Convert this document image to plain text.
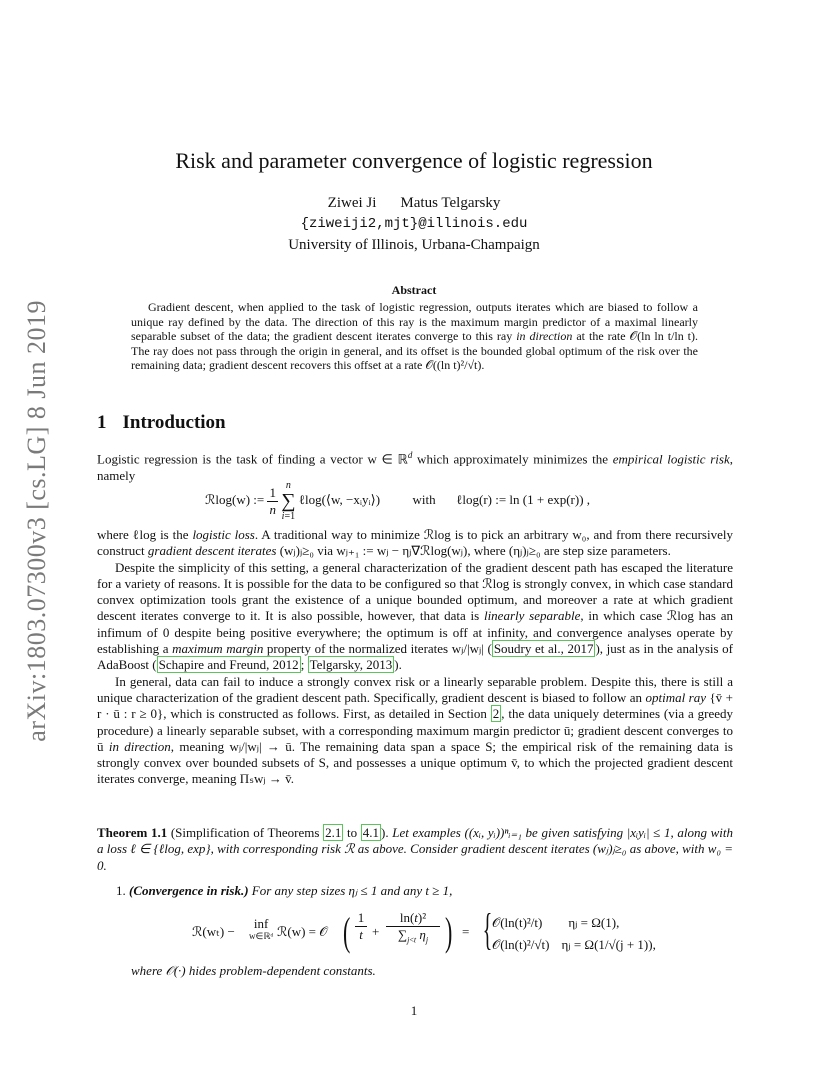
arXiv:1803.07300v3 [cs.LG] 8 Jun 2019
Risk and parameter convergence of logistic regression
Ziwei Ji Matus Telgarsky
{ziweiji2,mjt}@illinois.edu
University of Illinois, Urbana-Champaign
Abstract

Gradient descent, when applied to the task of logistic regression, outputs iterates which are biased to follow a unique ray defined by the data. The direction of this ray is the maximum margin predictor of a maximal linearly separable subset of the data; the gradient descent iterates converge to this ray in direction at the rate 𝒪(ln ln t/ln t). The ray does not pass through the origin in general, and its offset is the bounded global optimum of the risk over the remaining data; gradient descent recovers this offset at a rate 𝒪((ln t)²/√t).

1 Introduction

Logistic regression is the task of finding a vector w ∈ ℝ$^d$ which approximately minimizes the empirical logistic risk, namely

ℛlog(w) := $\frac{1}{n}$ n
∑
i=1 ℓlog(⟨w, −xᵢyᵢ⟩)	with ℓlog(r) := ln (1 + exp(r)) ,

where ℓlog is the logistic loss. A traditional way to minimize ℛlog is to pick an arbitrary w₀, and from there recursively construct gradient descent iterates (wⱼ)ⱼ≥₀ via wⱼ₊₁ := wⱼ − ηⱼ∇ℛlog(wⱼ), where (ηⱼ)ⱼ≥₀ are step size parameters.

Despite the simplicity of this setting, a general characterization of the gradient descent path has escaped the literature for a variety of reasons. It is possible for the data to be configured so that ℛlog is strongly convex, in which case standard convex optimization tools grant the existence of a unique bounded optimum, and moreover a rate at which gradient descent iterates converge to it. It is also possible, however, that data is linearly separable, in which case ℛlog has an infimum of 0 despite being positive everywhere; the optimum is off at infinity, and convergence analyses operate by establishing a maximum margin property of the normalized iterates wⱼ/|wⱼ| ( Soudry et al., 2017 ), just as in the analysis of AdaBoost ( Schapire and Freund, 2012 ; Telgarsky, 2013 ).

In general, data can fail to induce a strongly convex risk or a linearly separable problem. Despite this, there is still a unique characterization of the gradient descent path. Specifically, gradient descent is biased to follow an optimal ray {v̄ + r · ū : r ≥ 0}, which is constructed as follows. First, as detailed in Section 2 , the data uniquely determines (via a greedy procedure) a linearly separable subset, with a corresponding maximum margin predictor ū; gradient descent converges to ū in direction, meaning wⱼ/|wⱼ| → ū. The remaining data span a space S; the empirical risk of the remaining data is strongly convex over bounded subsets of S, and possesses a unique optimum v̄, to which the projected gradient descent iterates converge, meaning Πₛwⱼ → v̄.

Theorem 1.1 (Simplification of Theorems 2.1 to 4.1 ). Let examples ((xᵢ, yᵢ))ⁿᵢ₌₁ be given satisfying |xᵢyᵢ| ≤ 1, along with a loss ℓ ∈ {ℓlog, exp}, with corresponding risk ℛ as above. Consider gradient descent iterates (wⱼ)ⱼ≥₀ as above, with w₀ = 0.

1. (Convergence in risk.) For any step sizes ηⱼ ≤ 1 and any t ≥ 1,
ℛ(wₜ) −
inf
w∈ℝᵈ ℛ(w) = 𝒪 ( 1
t +
ln(t)²
$\sum_{j<t}$ $\eta_j$ ) = { 𝒪(ln(t)²/t) ηⱼ = Ω(1),
𝒪(ln(t)²/√t) ηⱼ = Ω(1/√(j + 1)),
where 𝒪(·) hides problem-dependent constants.
1
